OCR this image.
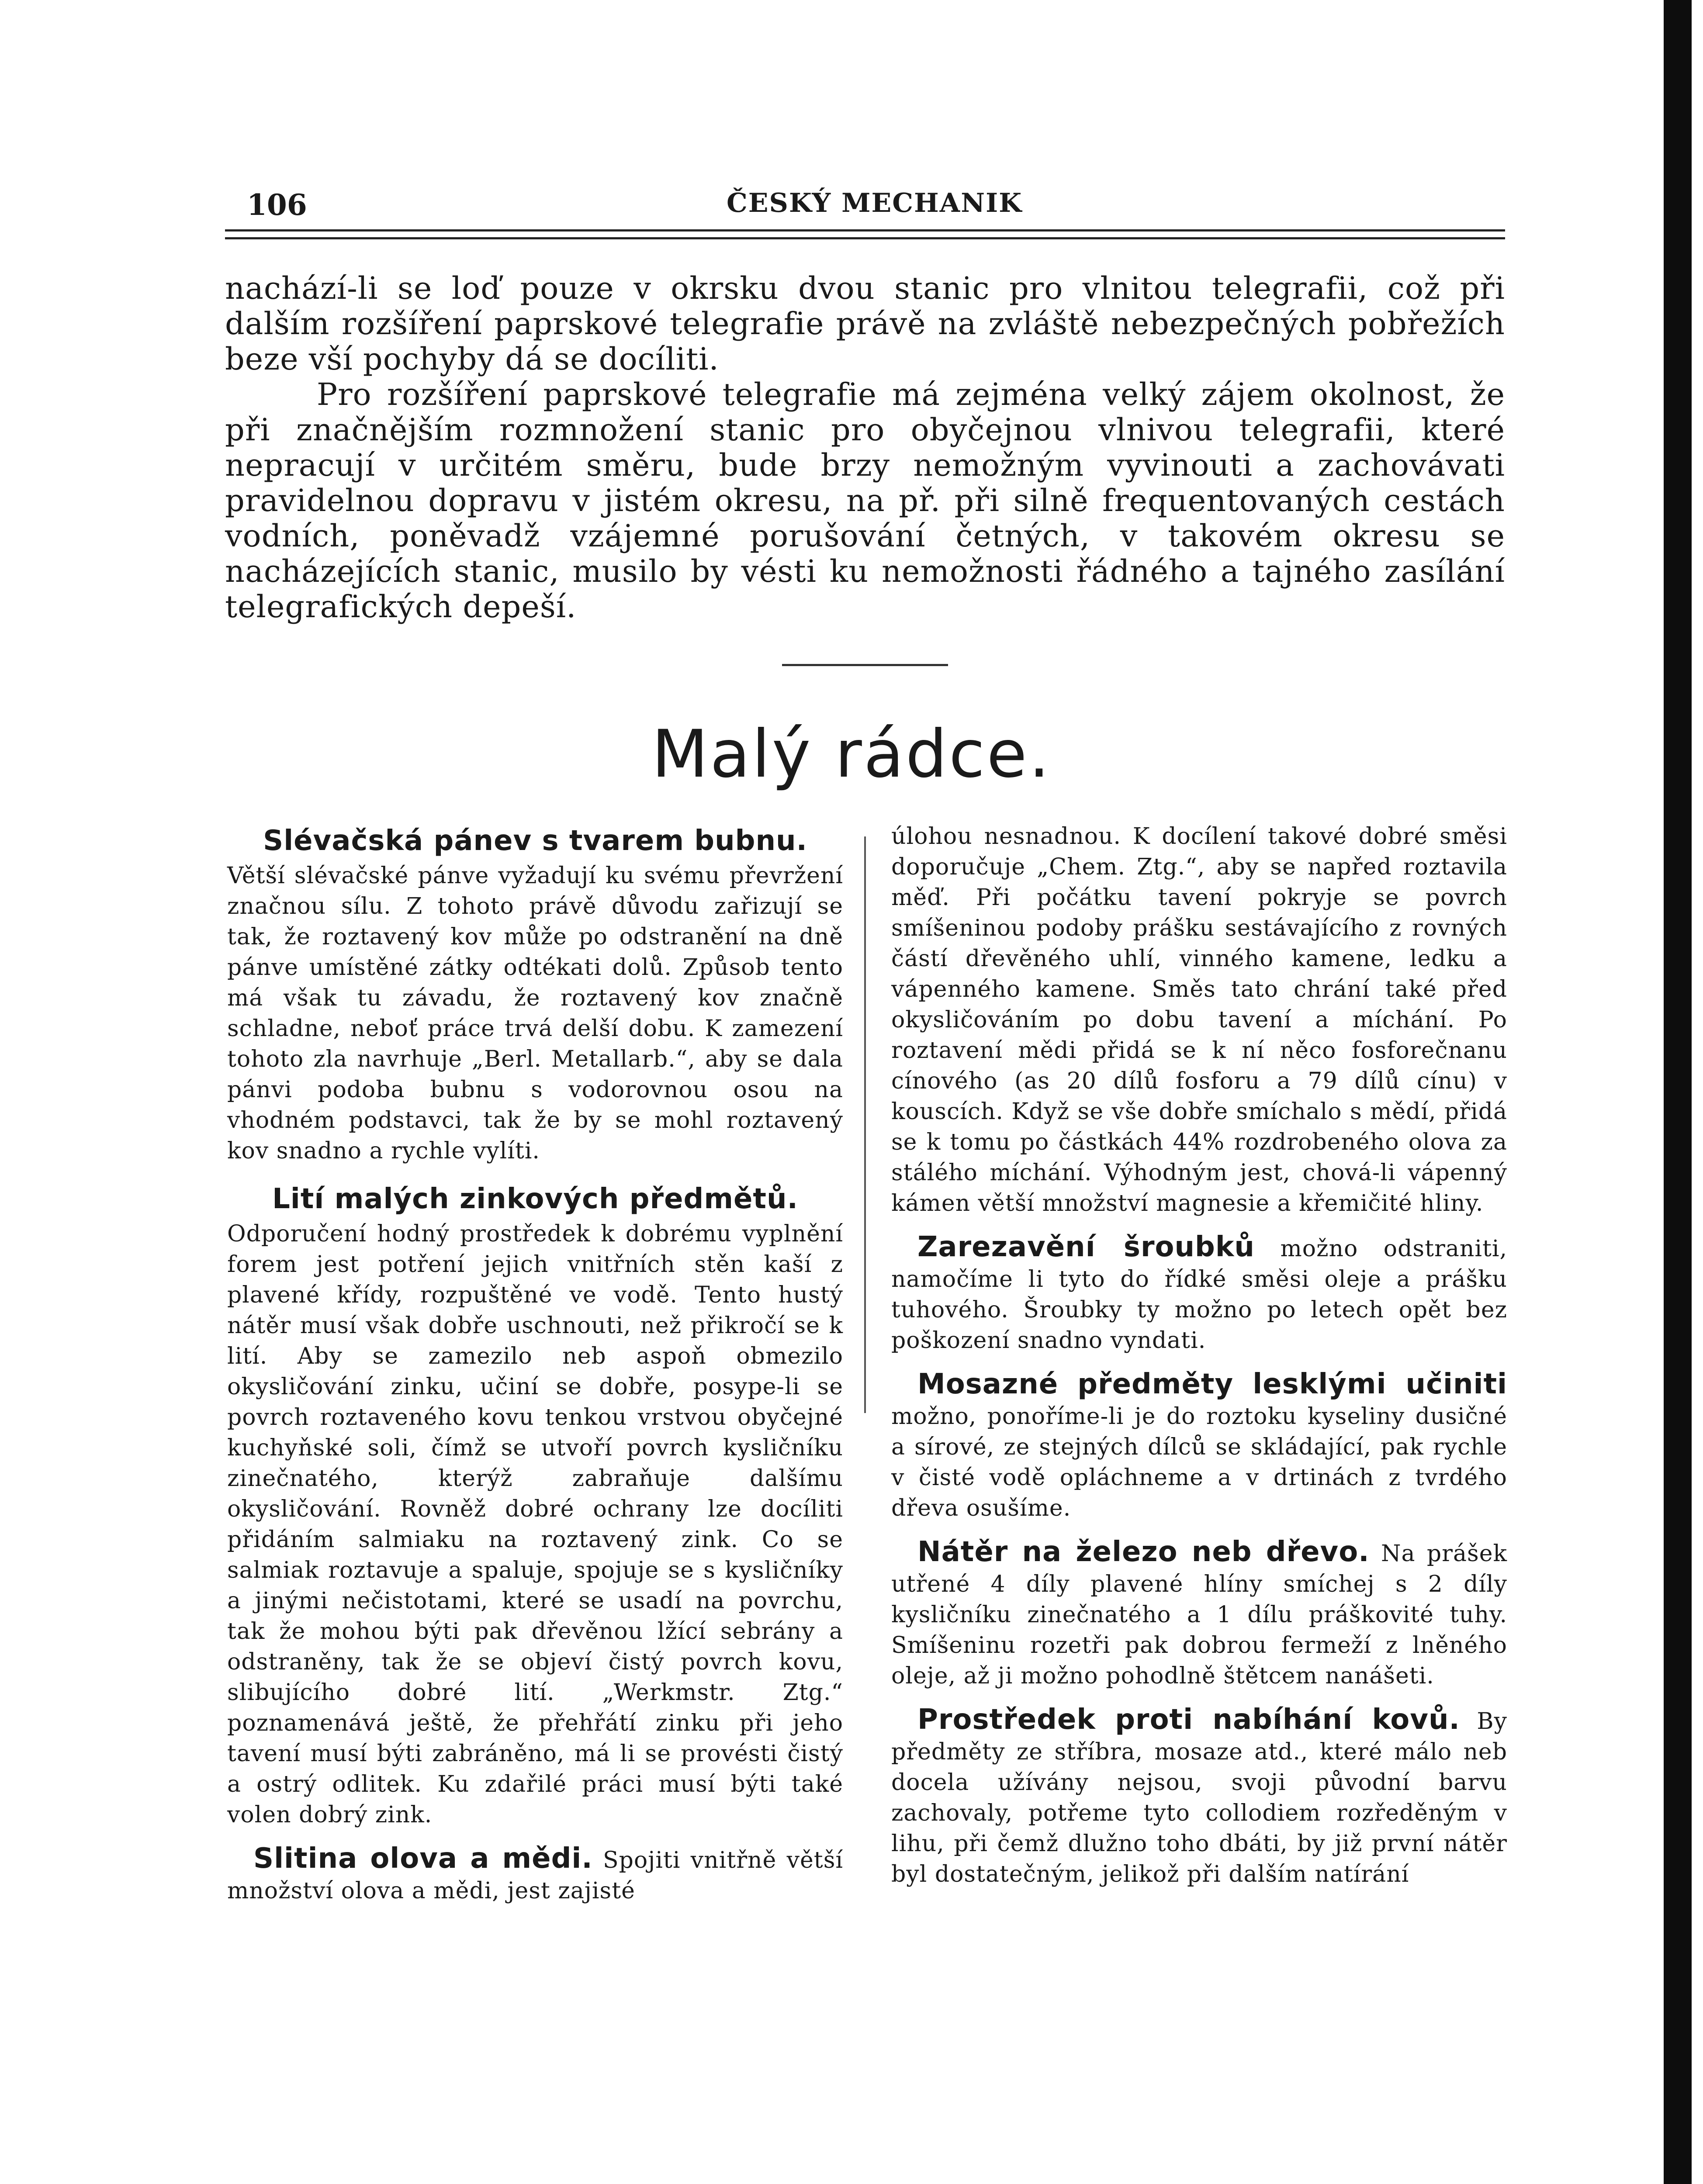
106	ČESKÝ MECHANIK

nachází-li se loď pouze v okrsku dvou stanic pro vlnitou telegrafii, což při dalším rozšíření paprskové telegrafie právě na zvláště nebezpečných pobřežích beze vší pochyby dá se docíliti.

Pro rozšíření paprskové telegrafie má zejména velký zájem okolnost, že při značnějším rozmnožení stanic pro obyčejnou vlnivou telegrafii, které nepracují v určitém směru, bude brzy nemožným vyvinouti a zachovávati pravidelnou dopravu v jistém okresu, na př. při silně frequentovaných cestách vodních, poněvadž vzájemné porušování četných, v takovém okresu se nacházejících stanic, musilo by vésti ku nemožnosti řádného a tajného zasílání telegrafických depeší.

Malý rádce.
Slévačská pánev s tvarem bubnu.

Větší slévačské pánve vyžadují ku svému převržení značnou sílu. Z tohoto právě důvodu zařizují se tak, že roztavený kov může po odstranění na dně pánve umístěné zátky odtékati dolů. Způsob tento má však tu závadu, že roztavený kov značně schladne, neboť práce trvá delší dobu. K zamezení tohoto zla navrhuje „Berl. Metallarb.“, aby se dala pánvi podoba bubnu s vodorovnou osou na vhodném podstavci, tak že by se mohl roztavený kov snadno a rychle vylíti.

Lití malých zinkových předmětů.

Odporučení hodný prostředek k dobrému vyplnění forem jest potření jejich vnitřních stěn kaší z plavené křídy, rozpuštěné ve vodě. Tento hustý nátěr musí však dobře uschnouti, než přikročí se k lití. Aby se zamezilo neb aspoň obmezilo okysličování zinku, učiní se dobře, posype-li se povrch roztaveného kovu tenkou vrstvou obyčejné kuchyňské soli, čímž se utvoří povrch kysličníku zinečnatého, kterýž zabraňuje dalšímu okysličování. Rovněž dobré ochrany lze docíliti přidáním salmiaku na roztavený zink. Co se salmiak roztavuje a spaluje, spojuje se s kysličníky a jinými nečistotami, které se usadí na povrchu, tak že mohou býti pak dřevěnou lžící sebrány a odstraněny, tak že se objeví čistý povrch kovu, slibujícího dobré lití. „Werkmstr. Ztg.“ poznamenává ještě, že přehřátí zinku při jeho tavení musí býti zabráněno, má li se provésti čistý a ostrý odlitek. Ku zdařilé práci musí býti také volen dobrý zink.

Slitina olova a mědi. Spojiti vnitřně větší množství olova a mědi, jest zajisté

úlohou nesnadnou. K docílení takové dobré směsi doporučuje „Chem. Ztg.“, aby se napřed roztavila měď. Při počátku tavení pokryje se povrch smíšeninou podoby prášku sestávajícího z rovných částí dřevěného uhlí, vinného kamene, ledku a vápenného kamene. Směs tato chrání také před okysličováním po dobu tavení a míchání. Po roztavení mědi přidá se k ní něco fosforečnanu cínového (as 20 dílů fosforu a 79 dílů cínu) v kouscích. Když se vše dobře smíchalo s mědí, přidá se k tomu po částkách 44% rozdrobeného olova za stálého míchání. Výhodným jest, chová-li vápenný kámen větší množství magnesie a křemičité hliny.

Zarezavění šroubků možno odstraniti, namočíme li tyto do řídké směsi oleje a prášku tuhového. Šroubky ty možno po letech opět bez poškození snadno vyndati.

Mosazné předměty lesklými učiniti možno, ponoříme-li je do roztoku kyseliny dusičné a sírové, ze stejných dílců se skládající, pak rychle v čisté vodě opláchneme a v drtinách z tvrdého dřeva osušíme.

Nátěr na železo neb dřevo. Na prášek utřené 4 díly plavené hlíny smíchej s 2 díly kysličníku zinečnatého a 1 dílu práškovité tuhy. Smíšeninu rozetři pak dobrou fermeží z lněného oleje, až ji možno pohodlně štětcem nanášeti.

Prostředek proti nabíhání kovů. By předměty ze stříbra, mosaze atd., které málo neb docela užívány nejsou, svoji původní barvu zachovaly, potřeme tyto collodiem rozředěným v lihu, při čemž dlužno toho dbáti, by již první nátěr byl dostatečným, jelikož při dalším natírání
